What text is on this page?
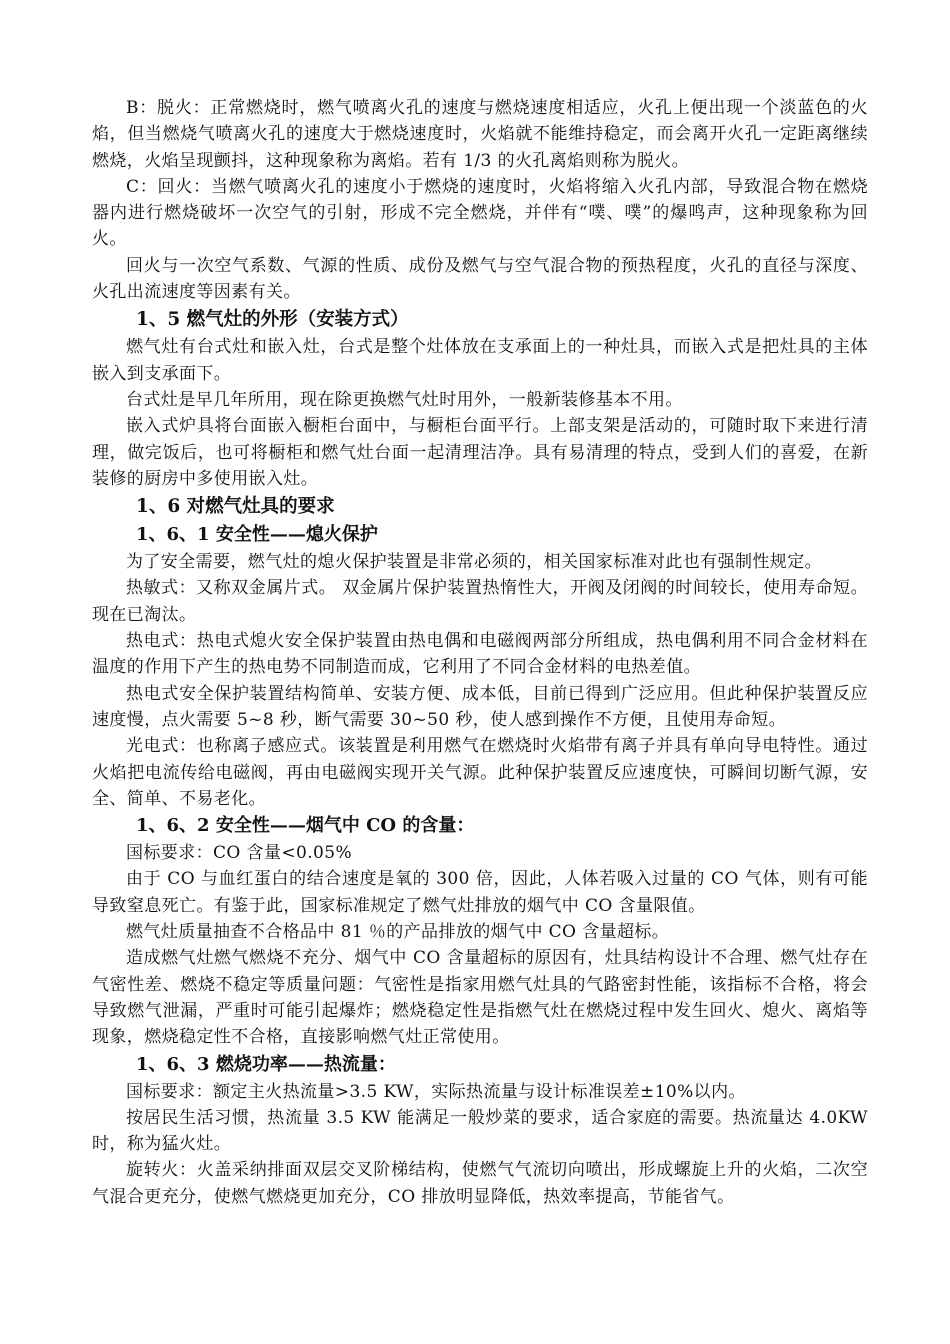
B：脱火：正常燃烧时，燃气喷离火孔的速度与燃烧速度相适应，火孔上便出现一个淡蓝色的火焰，但当燃烧气喷离火孔的速度大于燃烧速度时，火焰就不能维持稳定，而会离开火孔一定距离继续燃烧，火焰呈现颤抖，这种现象称为离焰。若有 1/3 的火孔离焰则称为脱火。

C：回火：当燃气喷离火孔的速度小于燃烧的速度时，火焰将缩入火孔内部，导致混合物在燃烧器内进行燃烧破坏一次空气的引射，形成不完全燃烧，并伴有“噗、噗”的爆鸣声，这种现象称为回火。

回火与一次空气系数、气源的性质、成份及燃气与空气混合物的预热程度，火孔的直径与深度、火孔出流速度等因素有关。

1、5 燃气灶的外形（安装方式）

燃气灶有台式灶和嵌入灶，台式是整个灶体放在支承面上的一种灶具，而嵌入式是把灶具的主体嵌入到支承面下。

台式灶是早几年所用，现在除更换燃气灶时用外，一般新装修基本不用。

嵌入式炉具将台面嵌入橱柜台面中，与橱柜台面平行。上部支架是活动的，可随时取下来进行清理，做完饭后，也可将橱柜和燃气灶台面一起清理洁净。具有易清理的特点，受到人们的喜爱，在新装修的厨房中多使用嵌入灶。

1、6 对燃气灶具的要求
1、6、1 安全性——熄火保护

为了安全需要，燃气灶的熄火保护装置是非常必须的，相关国家标准对此也有强制性规定。

热敏式：又称双金属片式。 双金属片保护装置热惰性大，开阀及闭阀的时间较长，使用寿命短。现在已淘汰。

热电式：热电式熄火安全保护装置由热电偶和电磁阀两部分所组成，热电偶利用不同合金材料在温度的作用下产生的热电势不同制造而成，它利用了不同合金材料的电热差值。

热电式安全保护装置结构简单、安装方便、成本低，目前已得到广泛应用。但此种保护装置反应速度慢，点火需要 5~8 秒，断气需要 30~50 秒，使人感到操作不方便，且使用寿命短。

光电式：也称离子感应式。该装置是利用燃气在燃烧时火焰带有离子并具有单向导电特性。通过火焰把电流传给电磁阀，再由电磁阀实现开关气源。此种保护装置反应速度快，可瞬间切断气源，安全、简单、不易老化。

1、6、2 安全性——烟气中 CO 的含量：

国标要求：CO 含量<0.05%

由于 CO 与血红蛋白的结合速度是氧的 300 倍，因此，人体若吸入过量的 CO 气体，则有可能导致窒息死亡。有鉴于此，国家标准规定了燃气灶排放的烟气中 CO 含量限值。

燃气灶质量抽查不合格品中 81 ％的产品排放的烟气中 CO 含量超标。

造成燃气灶燃气燃烧不充分、烟气中 CO 含量超标的原因有，灶具结构设计不合理、燃气灶存在气密性差、燃烧不稳定等质量问题：气密性是指家用燃气灶具的气路密封性能，该指标不合格，将会导致燃气泄漏，严重时可能引起爆炸；燃烧稳定性是指燃气灶在燃烧过程中发生回火、熄火、离焰等现象，燃烧稳定性不合格，直接影响燃气灶正常使用。

1、6、3 燃烧功率——热流量：

国标要求：额定主火热流量>3.5 KW，实际热流量与设计标准误差±10%以内。

按居民生活习惯，热流量 3.5 KW 能满足一般炒菜的要求，适合家庭的需要。热流量达 4.0KW 时，称为猛火灶。

旋转火：火盖采纳排面双层交叉阶梯结构，使燃气气流切向喷出，形成螺旋上升的火焰，二次空气混合更充分，使燃气燃烧更加充分，CO 排放明显降低，热效率提高，节能省气。
